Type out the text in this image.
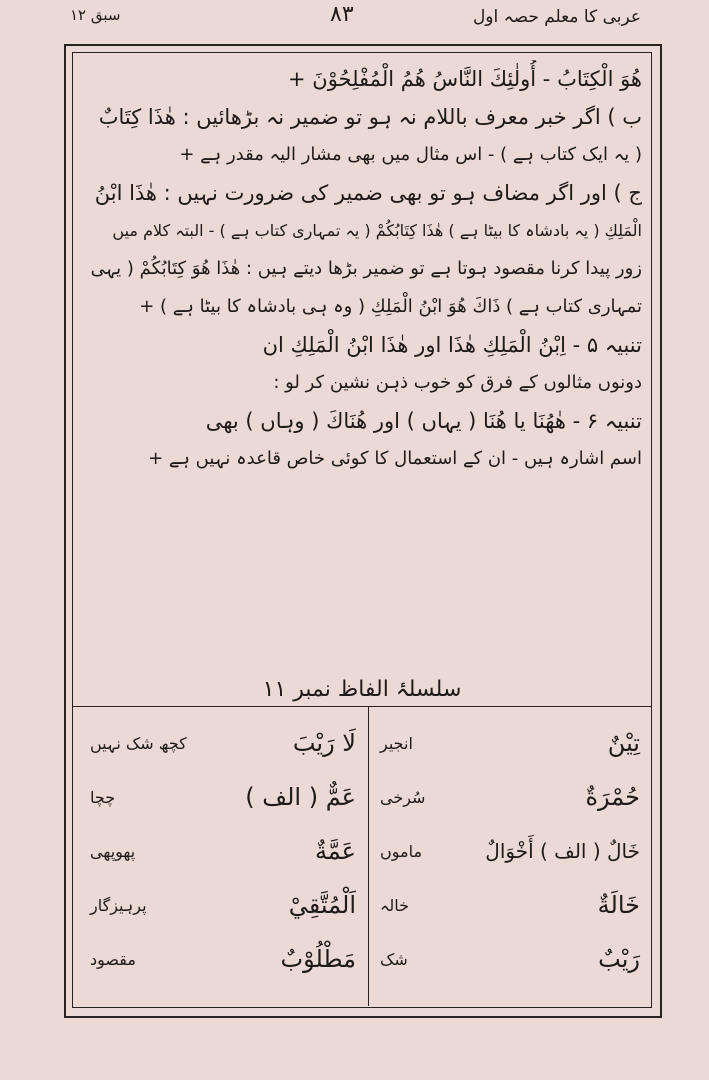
سبق ۱۲	۸۳	عربی کا معلم حصہ اول
هُوَ الْكِتَابُ - أُولٰئِكَ النَّاسُ هُمُ الْمُفْلِحُوْنَ +
ب ) اگر خبر معرف باللام نہ ہو تو ضمیر نہ بڑھائیں : هٰذَا كِتَابٌ
( یہ ایک کتاب ہے ) - اس مثال میں بھی مشار الیہ مقدر ہے +
ج ) اور اگر مضاف ہو تو بھی ضمیر کی ضرورت نہیں : هٰذَا ابْنُ
الْمَلِكِ ( یہ بادشاہ کا بیٹا ہے ) هٰذَا كِتَابُكُمْ ( یہ تمہاری کتاب ہے ) - البتہ کلام میں
زور پیدا کرنا مقصود ہوتا ہے تو ضمیر بڑھا دیتے ہیں : هٰذَا هُوَ كِتَابُكُمْ ( یہی
تمہاری کتاب ہے ) ذَاكَ هُوَ ابْنُ الْمَلِكِ ( وہ ہی بادشاہ کا بیٹا ہے ) +
تنبیہ ۵ - اِبْنُ الْمَلِكِ هٰذَا اور هٰذَا ابْنُ الْمَلِكِ ان
دونوں مثالوں کے فرق کو خوب ذہن نشین کر لو :
تنبیہ ۶ - هٰهُنَا یا هُنَا ( یہاں ) اور هُنَاكَ ( وہاں ) بھی
اسم اشارہ ہیں - ان کے استعمال کا کوئی خاص قاعدہ نہیں ہے +
سلسلۂ الفاظ نمبر ۱۱
تِيْنٌ
انجیر
حُمْرَةٌ
سُرخی
خَالٌ ( الف ) أَخْوَالٌ
ماموں
خَالَةٌ
خالہ
رَيْبٌ
شک
لَا رَيْبَ
کچھ شک نہیں
عَمٌّ ( الف )
چچا
عَمَّةٌ
پھوپھی
اَلْمُتَّقِيْ
پرہیزگار
مَطْلُوْبٌ
مقصود
